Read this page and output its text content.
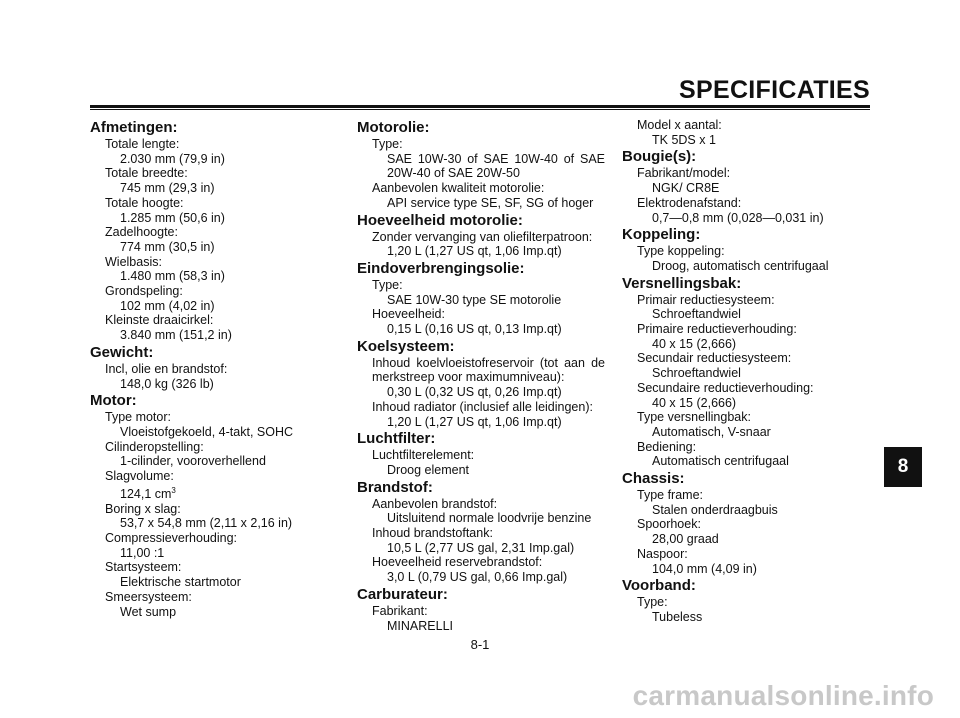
SPECIFICATIES
Afmetingen:
Totale lengte:
2.030 mm (79,9 in)
Totale breedte:
745 mm (29,3 in)
Totale hoogte:
1.285 mm (50,6 in)
Zadelhoogte:
774 mm (30,5 in)
Wielbasis:
1.480 mm (58,3 in)
Grondspeling:
102 mm (4,02 in)
Kleinste draaicirkel:
3.840 mm (151,2 in)
Gewicht:
Incl, olie en brandstof:
148,0 kg (326 lb)
Motor:
Type motor:
Vloeistofgekoeld, 4-takt, SOHC
Cilinderopstelling:
1-cilinder, vooroverhellend
Slagvolume:
124,1 $cm^3$
Boring x slag:
53,7 x 54,8 mm (2,11 x 2,16 in)
Compressieverhouding:
11,00 :1
Startsysteem:
Elektrische startmotor
Smeersysteem:
Wet sump
Motorolie:
Type:
SAE 10W-30 of SAE 10W-40 of SAE
20W-40 of SAE 20W-50
Aanbevolen kwaliteit motorolie:
API service type SE, SF, SG of hoger
Hoeveelheid motorolie:
Zonder vervanging van oliefilterpatroon:
1,20 L (1,27 US qt, 1,06 Imp.qt)
Eindoverbrengingsolie:
Type:
SAE 10W-30 type SE motorolie
Hoeveelheid:
0,15 L (0,16 US qt, 0,13 Imp.qt)
Koelsysteem:
Inhoud koelvloeistofreservoir (tot aan de
merkstreep voor maximumniveau):
0,30 L (0,32 US qt, 0,26 Imp.qt)
Inhoud radiator (inclusief alle leidingen):
1,20 L (1,27 US qt, 1,06 Imp.qt)
Luchtfilter:
Luchtfilterelement:
Droog element
Brandstof:
Aanbevolen brandstof:
Uitsluitend normale loodvrije benzine
Inhoud brandstoftank:
10,5 L (2,77 US gal, 2,31 Imp.gal)
Hoeveelheid reservebrandstof:
3,0 L (0,79 US gal, 0,66 Imp.gal)
Carburateur:
Fabrikant:
MINARELLI
Model x aantal:
TK 5DS x 1
Bougie(s):
Fabrikant/model:
NGK/ CR8E
Elektrodenafstand:
0,7—0,8 mm (0,028—0,031 in)
Koppeling:
Type koppeling:
Droog, automatisch centrifugaal
Versnellingsbak:
Primair reductiesysteem:
Schroeftandwiel
Primaire reductieverhouding:
40 x 15 (2,666)
Secundair reductiesysteem:
Schroeftandwiel
Secundaire reductieverhouding:
40 x 15 (2,666)
Type versnellingbak:
Automatisch, V-snaar
Bediening:
Automatisch centrifugaal
Chassis:
Type frame:
Stalen onderdraagbuis
Spoorhoek:
28,00 graad
Naspoor:
104,0 mm (4,09 in)
Voorband:
Type:
Tubeless
8
8-1
carmanualsonline.info
